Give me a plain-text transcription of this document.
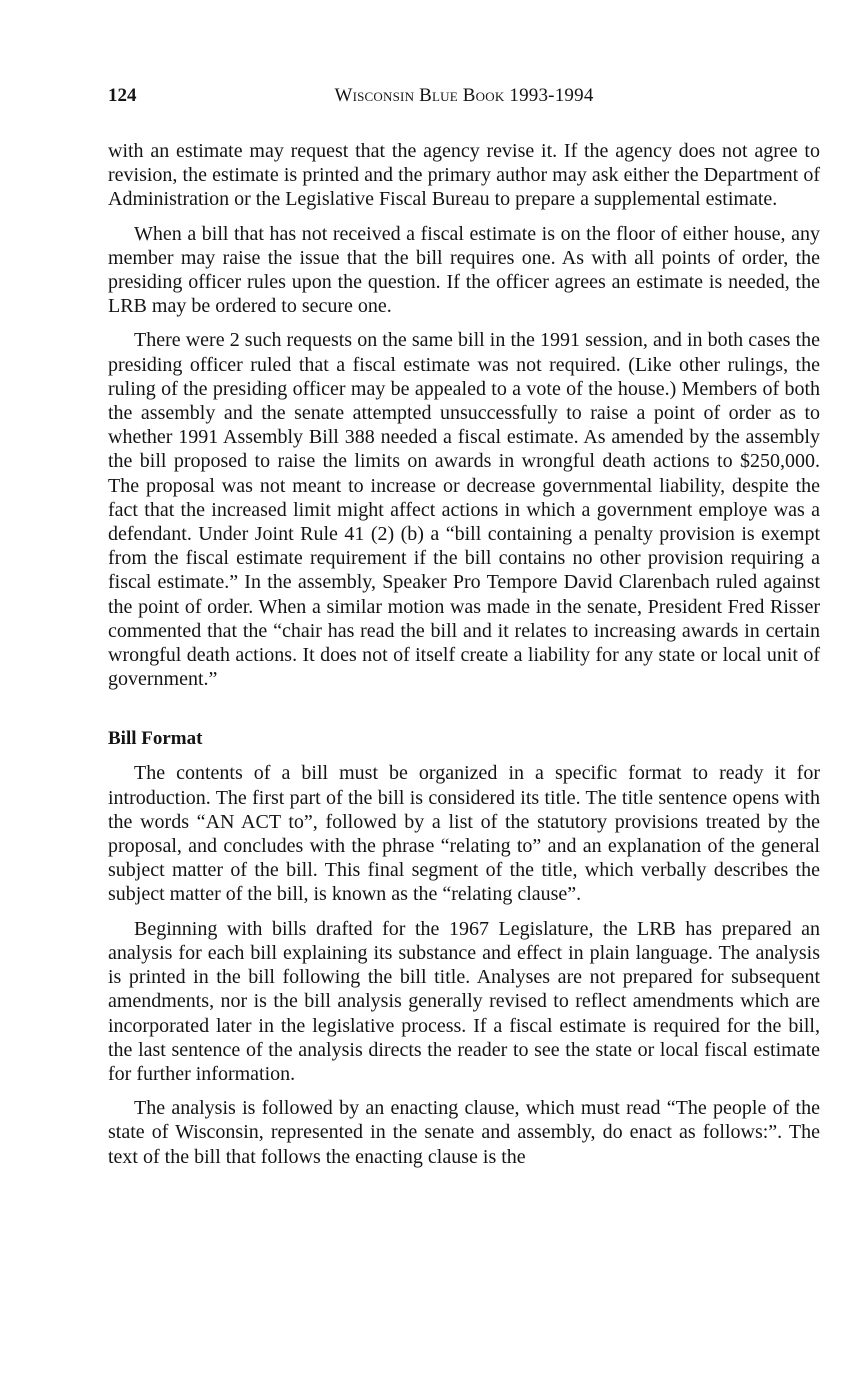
124	Wisconsin Blue Book 1993-1994

with an estimate may request that the agency revise it. If the agency does not agree to revision, the estimate is printed and the primary author may ask either the Department of Administration or the Legislative Fiscal Bureau to prepare a supplemental estimate.

When a bill that has not received a fiscal estimate is on the floor of either house, any member may raise the issue that the bill requires one. As with all points of order, the presiding officer rules upon the question. If the officer agrees an estimate is needed, the LRB may be ordered to secure one.

There were 2 such requests on the same bill in the 1991 session, and in both cases the presiding officer ruled that a fiscal estimate was not required. (Like other rulings, the ruling of the presiding officer may be appealed to a vote of the house.) Members of both the assembly and the senate attempted unsuccessfully to raise a point of order as to whether 1991 Assembly Bill 388 needed a fiscal estimate. As amended by the assembly the bill proposed to raise the limits on awards in wrongful death actions to $250,000. The proposal was not meant to increase or decrease governmental liability, despite the fact that the increased limit might affect actions in which a government employe was a defendant. Under Joint Rule 41 (2) (b) a “bill containing a penalty provision is exempt from the fiscal estimate requirement if the bill contains no other provision requiring a fiscal estimate.” In the assembly, Speaker Pro Tempore David Clarenbach ruled against the point of order. When a similar motion was made in the senate, President Fred Risser commented that the “chair has read the bill and it relates to increasing awards in certain wrongful death actions. It does not of itself create a liability for any state or local unit of government.”

Bill Format

The contents of a bill must be organized in a specific format to ready it for introduction. The first part of the bill is considered its title. The title sentence opens with the words “AN ACT to”, followed by a list of the statutory provisions treated by the proposal, and concludes with the phrase “relating to” and an explanation of the general subject matter of the bill. This final segment of the title, which verbally describes the subject matter of the bill, is known as the “relating clause”.

Beginning with bills drafted for the 1967 Legislature, the LRB has prepared an analysis for each bill explaining its substance and effect in plain language. The analysis is printed in the bill following the bill title. Analyses are not prepared for subsequent amendments, nor is the bill analysis generally revised to reflect amendments which are incorporated later in the legislative process. If a fiscal estimate is required for the bill, the last sentence of the analysis directs the reader to see the state or local fiscal estimate for further information.

The analysis is followed by an enacting clause, which must read “The people of the state of Wisconsin, represented in the senate and assembly, do enact as follows:”. The text of the bill that follows the enacting clause is the
